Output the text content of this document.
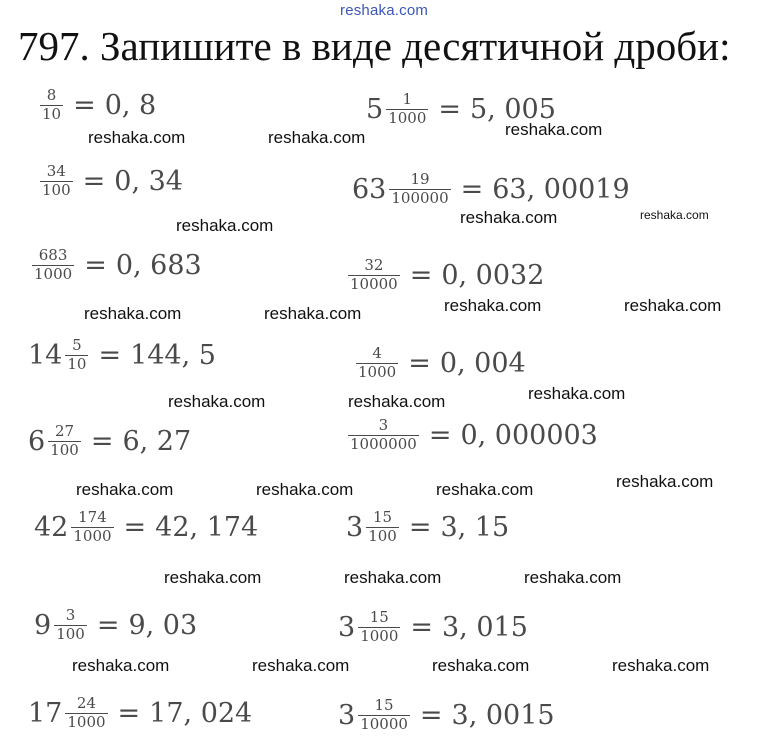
reshaka.com
797. Запишите в виде десятичной дроби:
$\frac{8}{10} = 0$, 8	$5 \frac{1}{1000} = 5$, 005
$\frac{34}{100} = 0$, 34	$63 \frac{19}{100000} = 63$, 00019
$\frac{683}{1000} = 0$, 683	$\frac{32}{10000} = 0$, 0032
$14 \frac{5}{10} = 144$, 5	$\frac{4}{1000} = 0$, 004
$6 \frac{27}{100} = 6$, 27	$\frac{3}{1000000} = 0$, 000003
$42 \frac{174}{1000} = 42$, 174	$3 \frac{15}{100} = 3$, 15
$9 \frac{3}{100} = 9$, 03	$3 \frac{15}{1000} = 3$, 015
$17 \frac{24}{1000} = 17$, 024	$3 \frac{15}{10000} = 3$, 0015
reshaka.com	reshaka.com	reshaka.com
reshaka.com	reshaka.com	reshaka.com
reshaka.com	reshaka.com	reshaka.com	reshaka.com
reshaka.com	reshaka.com	reshaka.com
reshaka.com	reshaka.com	reshaka.com	reshaka.com
reshaka.com	reshaka.com	reshaka.com
reshaka.com	reshaka.com	reshaka.com	reshaka.com
